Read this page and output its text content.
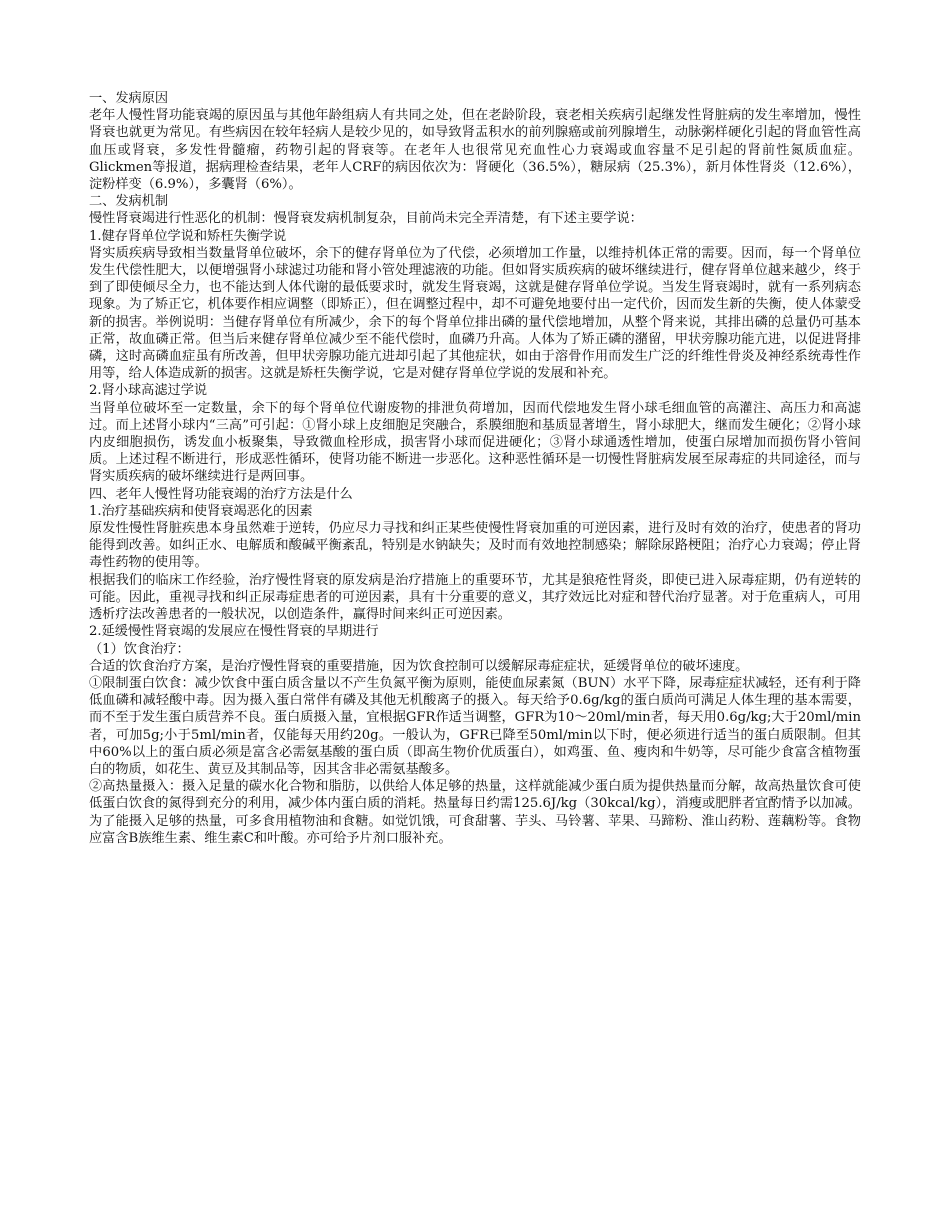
一、发病原因

老年人慢性肾功能衰竭的原因虽与其他年龄组病人有共同之处，但在老龄阶段，衰老相关疾病引起继发性肾脏病的发生率增加，慢性肾衰也就更为常见。有些病因在较年轻病人是较少见的，如导致肾盂积水的前列腺癌或前列腺增生，动脉粥样硬化引起的肾血管性高血压或肾衰，多发性骨髓瘤，药物引起的肾衰等。在老年人也很常见充血性心力衰竭或血容量不足引起的肾前性氮质血症。Glickmen等报道，据病理检查结果，老年人CRF的病因依次为：肾硬化（36.5%），糖尿病（25.3%），新月体性肾炎（12.6%），淀粉样变（6.9%），多囊肾（6%）。

二、发病机制

慢性肾衰竭进行性恶化的机制：慢肾衰发病机制复杂，目前尚未完全弄清楚，有下述主要学说：

1.健存肾单位学说和矫枉失衡学说

肾实质疾病导致相当数量肾单位破坏，余下的健存肾单位为了代偿，必须增加工作量，以维持机体正常的需要。因而，每一个肾单位发生代偿性肥大，以便增强肾小球滤过功能和肾小管处理滤液的功能。但如肾实质疾病的破坏继续进行，健存肾单位越来越少，终于到了即使倾尽全力，也不能达到人体代谢的最低要求时，就发生肾衰竭，这就是健存肾单位学说。当发生肾衰竭时，就有一系列病态现象。为了矫正它，机体要作相应调整（即矫正），但在调整过程中，却不可避免地要付出一定代价，因而发生新的失衡，使人体蒙受新的损害。举例说明：当健存肾单位有所减少，余下的每个肾单位排出磷的量代偿地增加，从整个肾来说，其排出磷的总量仍可基本正常，故血磷正常。但当后来健存肾单位减少至不能代偿时，血磷乃升高。人体为了矫正磷的潴留，甲状旁腺功能亢进，以促进肾排磷，这时高磷血症虽有所改善，但甲状旁腺功能亢进却引起了其他症状，如由于溶骨作用而发生广泛的纤维性骨炎及神经系统毒性作用等，给人体造成新的损害。这就是矫枉失衡学说，它是对健存肾单位学说的发展和补充。

2.肾小球高滤过学说

当肾单位破坏至一定数量，余下的每个肾单位代谢废物的排泄负荷增加，因而代偿地发生肾小球毛细血管的高灌注、高压力和高滤过。而上述肾小球内“三高”可引起：①肾小球上皮细胞足突融合，系膜细胞和基质显著增生，肾小球肥大，继而发生硬化；②肾小球内皮细胞损伤，诱发血小板聚集，导致微血栓形成，损害肾小球而促进硬化；③肾小球通透性增加，使蛋白尿增加而损伤肾小管间质。上述过程不断进行，形成恶性循环，使肾功能不断进一步恶化。这种恶性循环是一切慢性肾脏病发展至尿毒症的共同途径，而与肾实质疾病的破坏继续进行是两回事。

四、老年人慢性肾功能衰竭的治疗方法是什么

1.治疗基础疾病和使肾衰竭恶化的因素

原发性慢性肾脏疾患本身虽然难于逆转，仍应尽力寻找和纠正某些使慢性肾衰加重的可逆因素，进行及时有效的治疗，使患者的肾功能得到改善。如纠正水、电解质和酸碱平衡紊乱，特别是水钠缺失；及时而有效地控制感染；解除尿路梗阻；治疗心力衰竭；停止肾毒性药物的使用等。

根据我们的临床工作经验，治疗慢性肾衰的原发病是治疗措施上的重要环节，尤其是狼疮性肾炎，即使已进入尿毒症期，仍有逆转的可能。因此，重视寻找和纠正尿毒症患者的可逆因素，具有十分重要的意义，其疗效远比对症和替代治疗显著。对于危重病人，可用透析疗法改善患者的一般状况，以创造条件，赢得时间来纠正可逆因素。

2.延缓慢性肾衰竭的发展应在慢性肾衰的早期进行

（1）饮食治疗：

合适的饮食治疗方案，是治疗慢性肾衰的重要措施，因为饮食控制可以缓解尿毒症症状，延缓肾单位的破坏速度。

①限制蛋白饮食：减少饮食中蛋白质含量以不产生负氮平衡为原则，能使血尿素氮（BUN）水平下降，尿毒症症状减轻，还有利于降低血磷和减轻酸中毒。因为摄入蛋白常伴有磷及其他无机酸离子的摄入。每天给予0.6g/kg的蛋白质尚可满足人体生理的基本需要，而不至于发生蛋白质营养不良。蛋白质摄入量，宜根据GFR作适当调整，GFR为10～20ml/min者，每天用0.6g/kg;大于20ml/min者，可加5g;小于5ml/min者，仅能每天用约20g。一般认为，GFR已降至50ml/min以下时，便必须进行适当的蛋白质限制。但其中60%以上的蛋白质必须是富含必需氨基酸的蛋白质（即高生物价优质蛋白），如鸡蛋、鱼、瘦肉和牛奶等，尽可能少食富含植物蛋白的物质，如花生、黄豆及其制品等，因其含非必需氨基酸多。

②高热量摄入：摄入足量的碳水化合物和脂肪，以供给人体足够的热量，这样就能减少蛋白质为提供热量而分解，故高热量饮食可使低蛋白饮食的氮得到充分的利用，减少体内蛋白质的消耗。热量每日约需125.6J/kg（30kcal/kg），消瘦或肥胖者宜酌情予以加减。为了能摄入足够的热量，可多食用植物油和食糖。如觉饥饿，可食甜薯、芋头、马铃薯、苹果、马蹄粉、淮山药粉、莲藕粉等。食物应富含B族维生素、维生素C和叶酸。亦可给予片剂口服补充。
